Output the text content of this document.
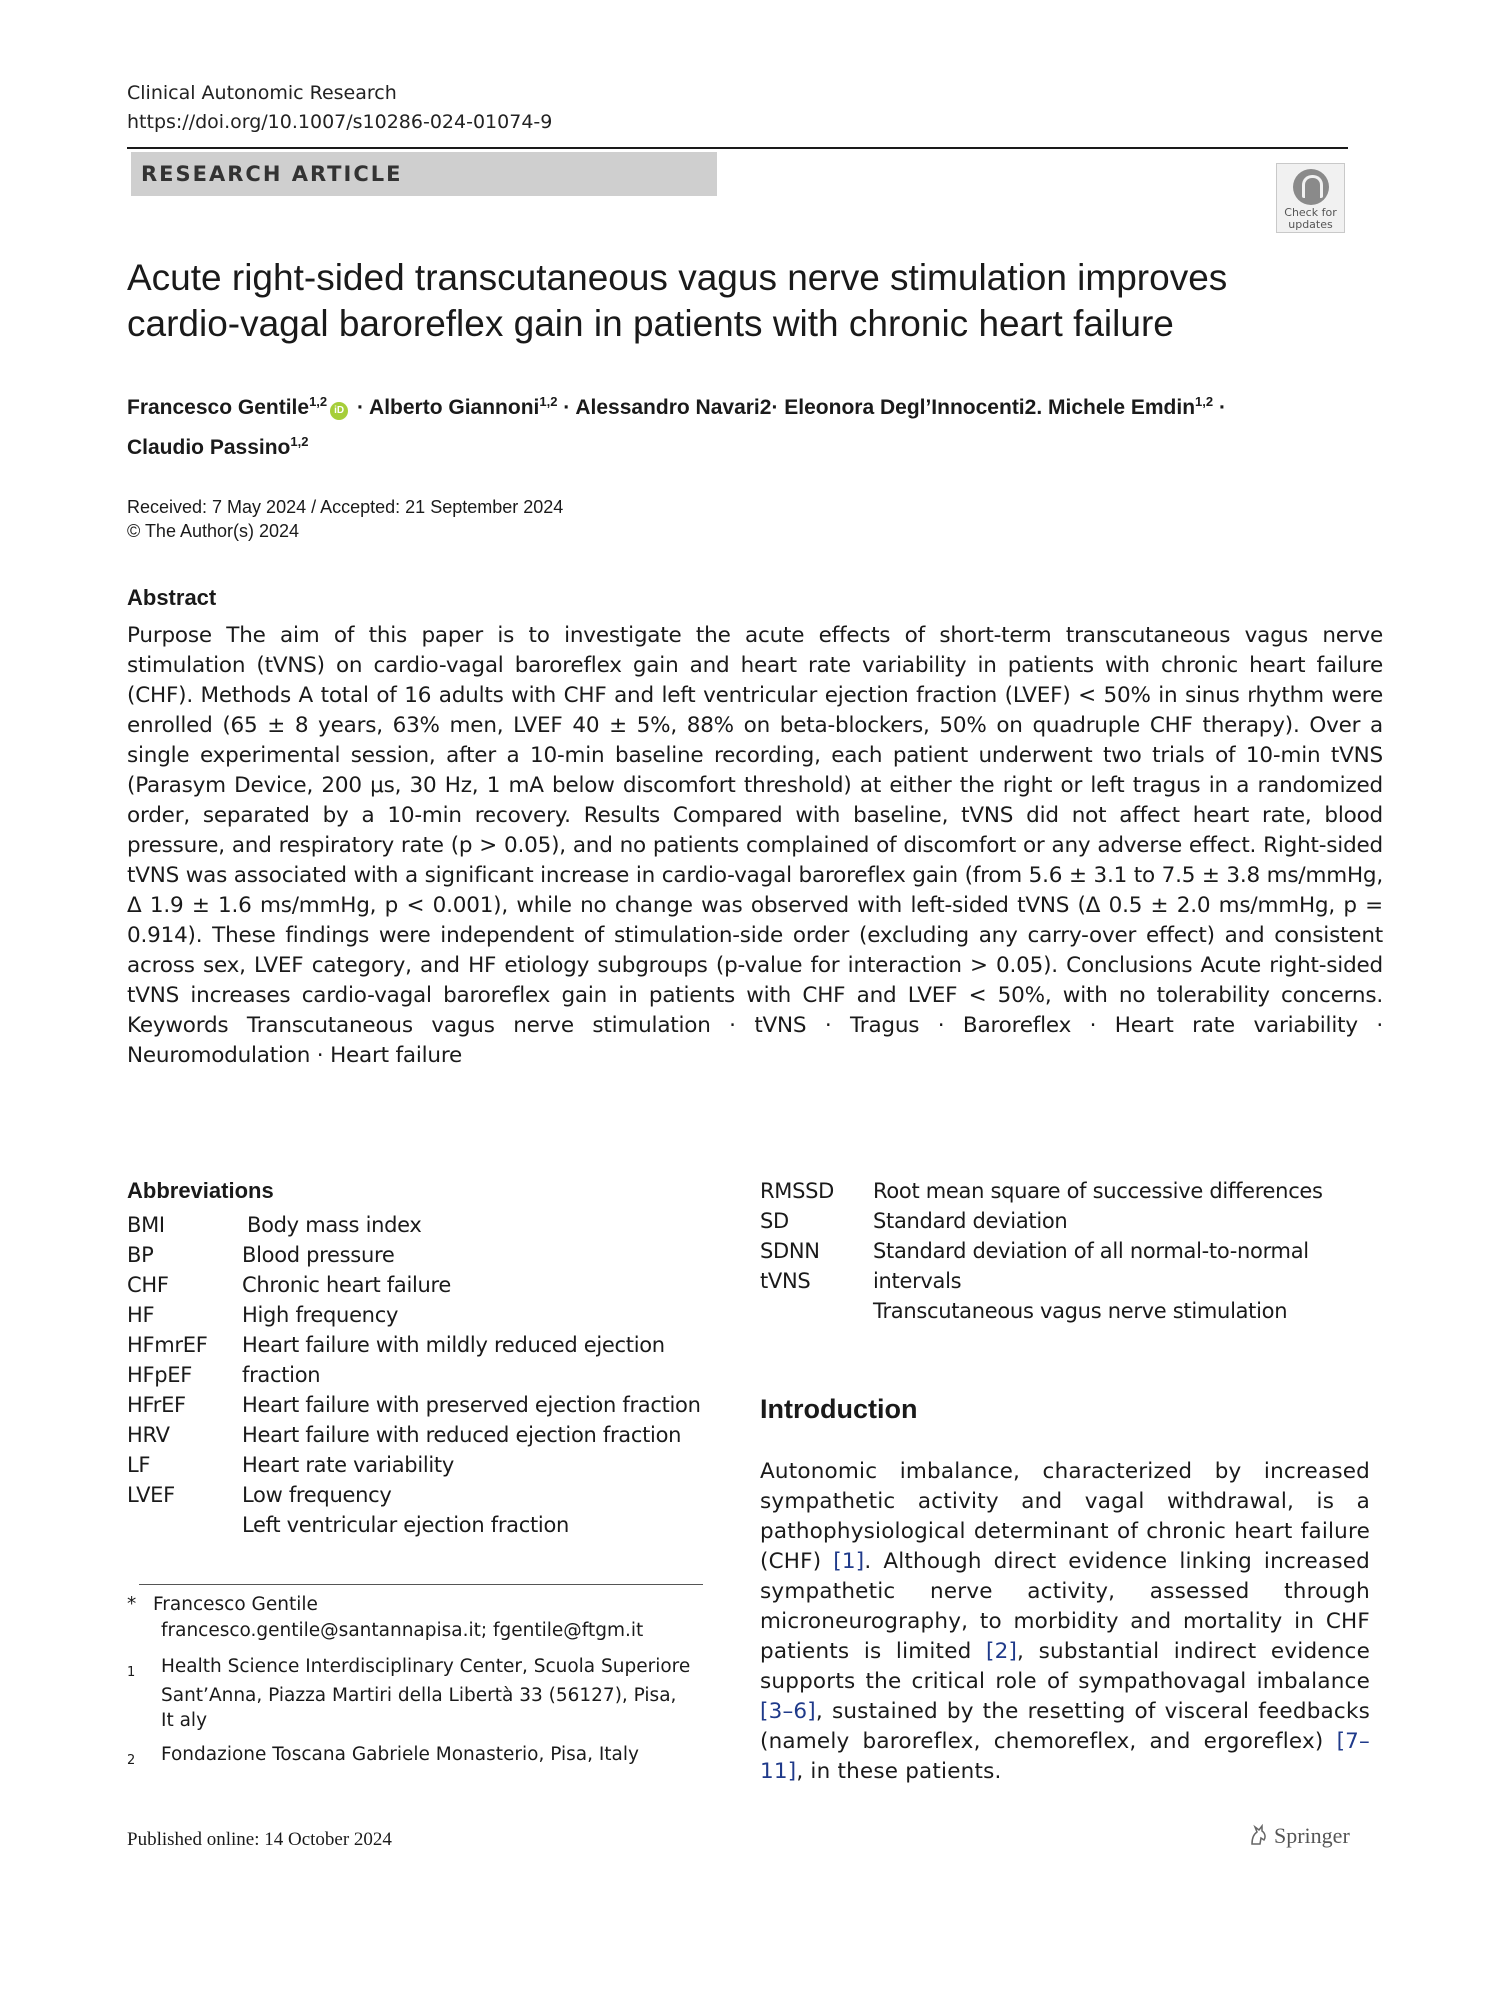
Clinical Autonomic Research
https://doi.org/10.1007/s10286-024-01074-9
RESEARCH ARTICLE
Check for updates
Acute right-sided transcutaneous vagus nerve stimulation improves
cardio-vagal baroreflex gain in patients with chronic heart failure
Francesco Gentile$^{1,2}$iD · Alberto Giannoni$^{1,2}$ · Alessandro Navari2· Eleonora Degl’Innocenti2. Michele Emdin$^{1,2}$ ·
Claudio Passino$^{1,2}$
Received: 7 May 2024 / Accepted: 21 September 2024
© The Author(s) 2024
Abstract
Purpose The aim of this paper is to investigate the acute effects of short-term transcutaneous vagus nerve stimulation (tVNS) on cardio-vagal baroreflex gain and heart rate variability in patients with chronic heart failure (CHF). Methods A total of 16 adults with CHF and left ventricular ejection fraction (LVEF) < 50% in sinus rhythm were enrolled (65 ± 8 years, 63% men, LVEF 40 ± 5%, 88% on beta-blockers, 50% on quadruple CHF therapy). Over a single experimental session, after a 10-min baseline recording, each patient underwent two trials of 10-min tVNS (Parasym Device, 200 μs, 30 Hz, 1 mA below discomfort threshold) at either the right or left tragus in a randomized order, separated by a 10-min recovery. Results Compared with baseline, tVNS did not affect heart rate, blood pressure, and respiratory rate (p > 0.05), and no patients complained of discomfort or any adverse effect. Right-sided tVNS was associated with a significant increase in cardio-vagal baroreflex gain (from 5.6 ± 3.1 to 7.5 ± 3.8 ms/mmHg, Δ 1.9 ± 1.6 ms/mmHg, p < 0.001), while no change was observed with left-sided tVNS (Δ 0.5 ± 2.0 ms/mmHg, p = 0.914). These findings were independent of stimulation-side order (excluding any carry-over effect) and consistent across sex, LVEF category, and HF etiology subgroups (p-value for interaction > 0.05). Conclusions Acute right-sided tVNS increases cardio-vagal baroreflex gain in patients with CHF and LVEF < 50%, with no tolerability concerns. Keywords Transcutaneous vagus nerve stimulation · tVNS · Tragus · Baroreflex · Heart rate variability · Neuromodulation · Heart failure
Abbreviations
BMI
BP
CHF
HF
HFmrEF
HFpEF
HFrEF
HRV
LF
LVEF
Body mass index
Blood pressure
Chronic heart failure
High frequency
Heart failure with mildly reduced ejection
fraction
Heart failure with preserved ejection fraction
Heart failure with reduced ejection fraction
Heart rate variability
Low frequency
Left ventricular ejection fraction
RMSSD
SD
SDNN
tVNS
Root mean square of successive differences
Standard deviation
Standard deviation of all normal-to-normal
intervals
Transcutaneous vagus nerve stimulation
* Francesco Gentile
francesco.gentile@santannapisa.it; fgentile@ftgm.it
1 Health Science Interdisciplinary Center, Scuola Superiore
Sant’Anna, Piazza Martiri della Libertà 33 (56127), Pisa,
It aly
2 Fondazione Toscana Gabriele Monasterio, Pisa, Italy
Introduction
Autonomic imbalance, characterized by increased sympathetic activity and vagal withdrawal, is a pathophysiological determinant of chronic heart failure (CHF) [1]. Although direct evidence linking increased sympathetic nerve activity, assessed through microneurography, to morbidity and mortality in CHF patients is limited [2], substantial indirect evidence supports the critical role of sympathovagal imbalance [3–6], sustained by the resetting of visceral feedbacks (namely baroreflex, chemoreflex, and ergoreflex) [7–11], in these patients.
Published online: 14 October 2024	Springer
